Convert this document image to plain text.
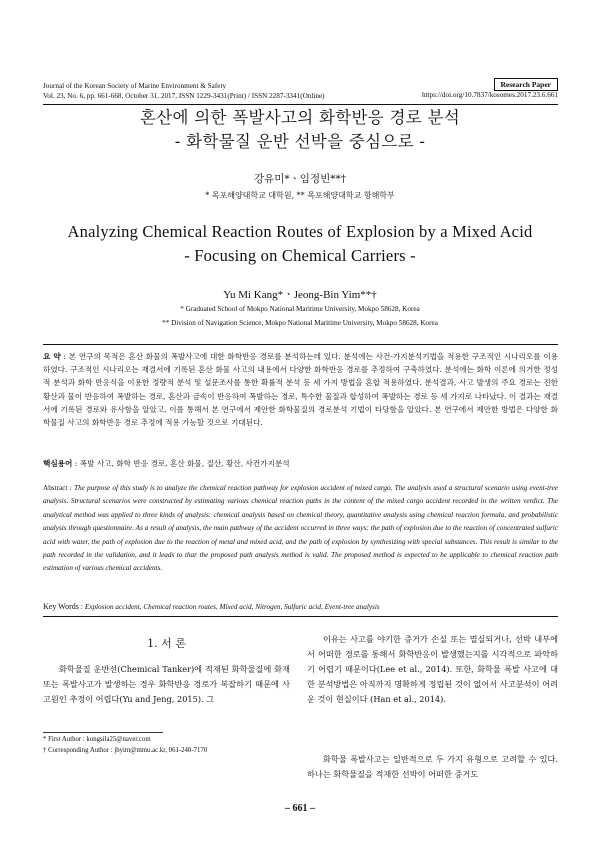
Journal of the Korean Society of Marine Environment & Safety
Vol. 23, No. 6, pp. 661-668, October 31, 2017, ISSN 1229-3431(Print) / ISSN 2287-3341(Online)
Research Paper
https://doi.org/10.7837/kosomes.2017.23.6.661
혼산에 의한 폭발사고의 화학반응 경로 분석
- 화학물질 운반 선박을 중심으로 -
강유미*ㆍ임정빈**†
* 목포해양대학교 대학원, ** 목포해양대학교 항해학부
Analyzing Chemical Reaction Routes of Explosion by a Mixed Acid
- Focusing on Chemical Carriers -
Yu Mi Kang*ㆍJeong-Bin Yim**†
* Graduated School of Mokpo National Maritime University, Mokpo 58628, Korea
** Division of Navigation Science, Mokpo National Maritime University, Mokpo 58628, Korea
요 약 : 본 연구의 목적은 혼산 화물의 폭발사고에 대한 화학반응 경로를 분석하는데 있다. 분석에는 사건-가지분석기법을 적용한 구조적인 시나리오를 이용하였다. 구조적인 시나리오는 재결서에 기록된 혼산 화물 사고의 내용에서 다양한 화학반응 경로를 추정하여 구축하였다. 분석에는 화학 이론에 의거한 정성적 분석과 화학 반응식을 이용한 정량적 분석 및 설문조사를 통한 확률적 분석 등 세 가지 방법을 혼합 적용하였다. 분석결과, 사고 발생의 주요 경로는 진한 황산과 물이 반응하여 폭발하는 경로, 혼산과 금속이 반응하여 폭발하는 경로, 특수한 물질과 합성하여 폭발하는 경로 등 세 가지로 나타났다. 이 결과는 재결서에 기록된 경로와 유사함을 알았고, 이를 통해서 본 연구에서 제안한 화학물질의 경로분석 기법이 타당함을 알았다. 본 연구에서 제안한 방법은 다양한 화학물질 사고의 화학반응 경로 추정에 적용 가능할 것으로 기대된다.
핵심용어 : 폭발 사고, 화학 반응 경로, 혼산 화물, 질산, 황산, 사건가지분석
Abstract : The purpose of this study is to analyze the chemical reaction pathway for explosion accident of mixed cargo. The analysis used a structural scenario using event-tree analysis. Structural scenarios were constructed by estimating various chemical reaction paths in the content of the mixed cargo accident recorded in the written verdict. The analytical method was applied to three kinds of analysis: chemical analysis based on chemical theory, quantitative analysis using chemical reaction formula, and probabilistic analysis through questionnaire. As a result of analysis, the main pathway of the accident occurred in three ways: the path of explosion due to the reaction of concentrated sulfuric acid with water, the path of explosion due to the reaction of metal and mixed acid, and the path of explosion by synthesizing with special substances. This result is similar to the path recorded in the validation, and it leads to thar the proposed path analysis method is valid. The proposed method is expected to be applicable to chemical reaction path estimation of various chemical accidents.
Key Words : Explosion accident, Chemical reaction routes, Mixed acid, Nitrogen, Sulfuric acid, Event-tree analysis
1. 서 론
화학물질 운반선(Chemical Tanker)에 적재된 화학물질에 화재 또는 폭발사고가 발생하는 경우 화학반응 경로가 복잡하기 때문에 사고원인 추정이 어렵다(Yu and Jeng, 2015). 그
이유는 사고를 야기한 증거가 손실 또는 멸실되거나, 선박 내부에서 어떠한 경로를 통해서 화학반응이 발생했는지를 시각적으로 파악하기 어렵기 때문이다(Lee et al., 2014). 또한, 화학물 폭발 사고에 대한 분석방법은 아직까지 명확하게 정립된 것이 없어서 사고분석이 어려운 것이 현실이다 (Han et al., 2014).
화학물 폭발사고는 일반적으로 두 가지 유형으로 고려할 수 있다. 하나는 화학물질을 적재한 선박이 어떠한 증거도
* First Author : kongsila25@naver.com
† Corresponding Author : jbyim@mmu.ac.kr, 061-240-7170
– 661 –
